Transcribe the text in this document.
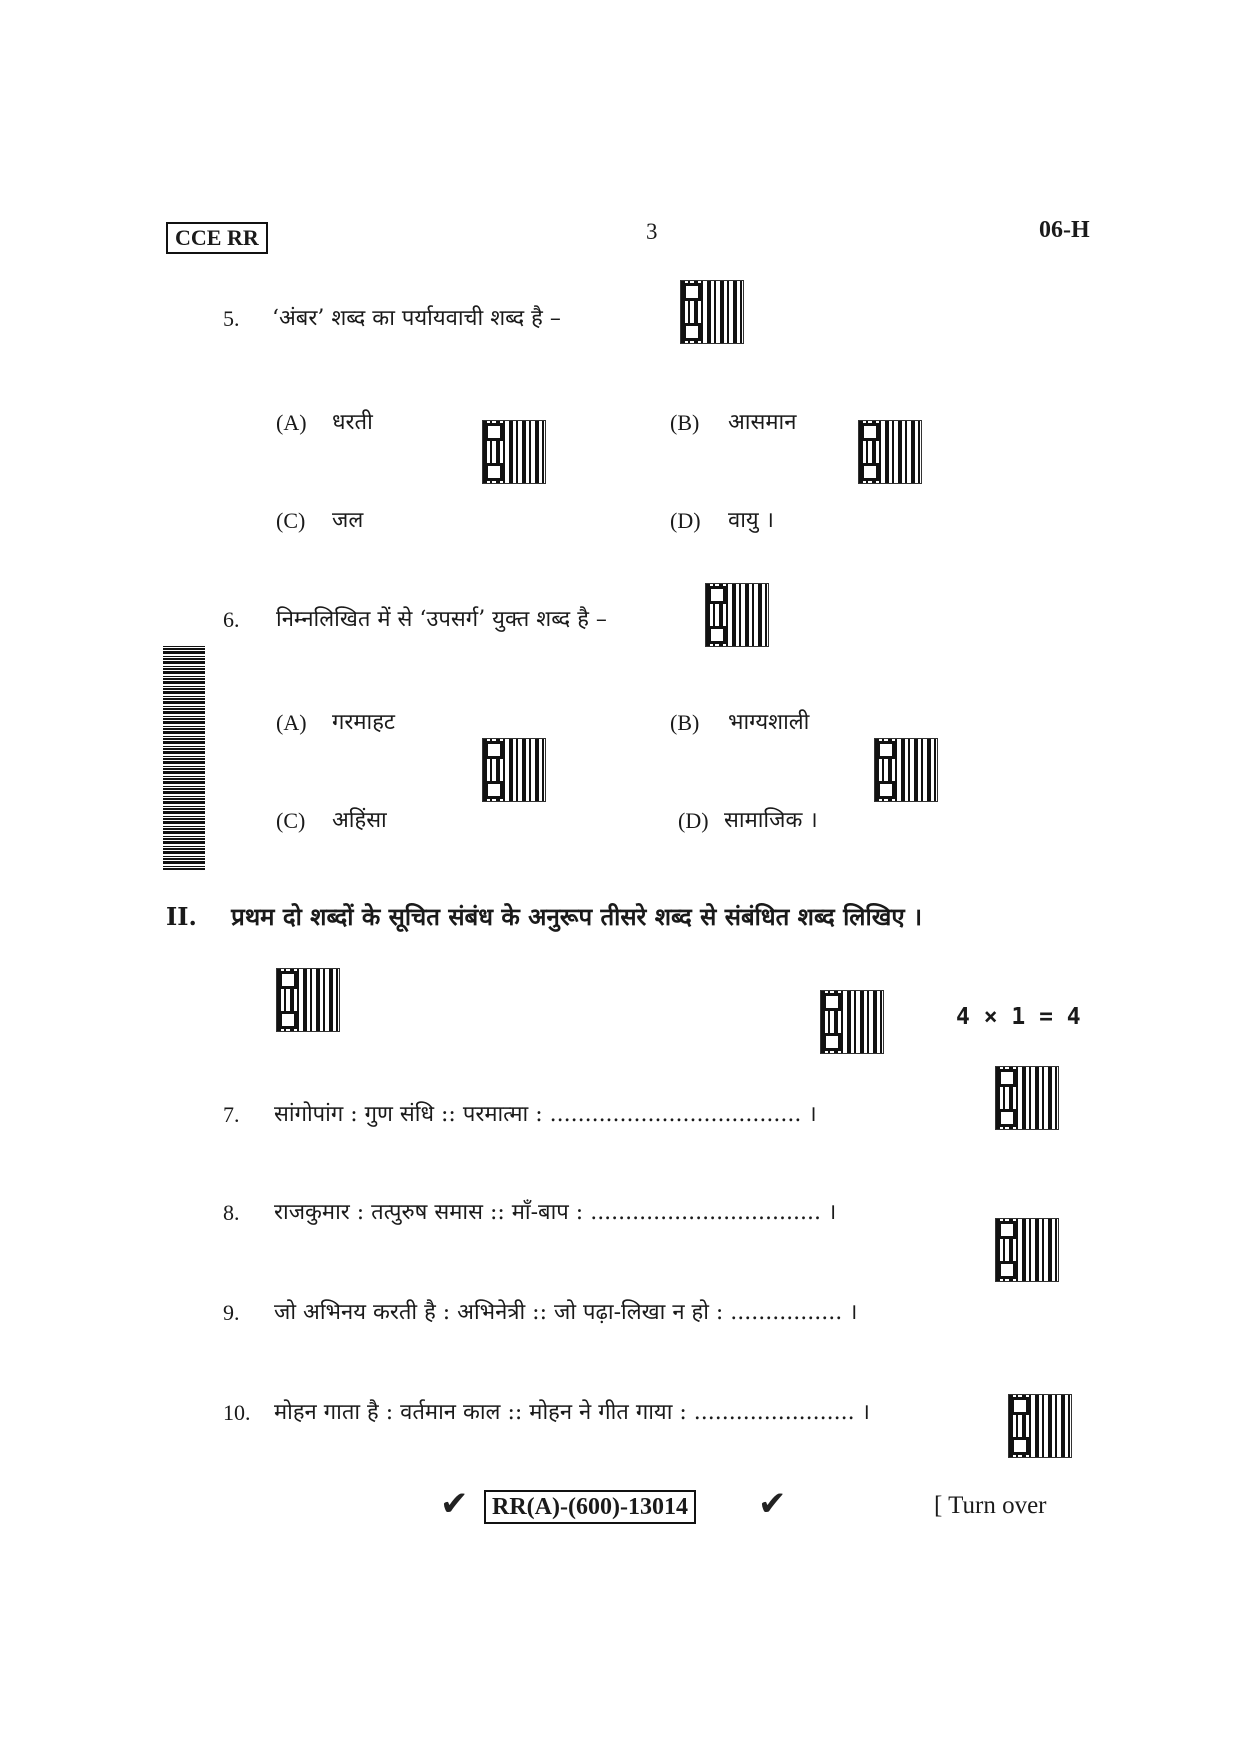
CCE RR	3	06-H
5. ‘अंबर’ शब्द का पर्यायवाची शब्द है –
(A) धरती	(B) आसमान
(C) जल	(D) वायु ।
6. निम्नलिखित में से ‘उपसर्ग’ युक्त शब्द है –
(A) गरमाहट	(B) भाग्यशाली
(C) अहिंसा	(D) सामाजिक ।
II. प्रथम दो शब्दों के सूचित संबंध के अनुरूप तीसरे शब्द से संबंधित शब्द लिखिए ।
4 × 1 = 4
7. सांगोपांग : गुण संधि :: परमात्मा : .................................... ।
8. राजकुमार : तत्पुरुष समास :: माँ-बाप : ................................. ।
9. जो अभिनय करती है : अभिनेत्री :: जो पढ़ा-लिखा न हो : ................ ।
10. मोहन गाता है : वर्तमान काल :: मोहन ने गीत गाया : ....................... ।
✔ RR(A)-(600)-13014 ✔	[ Turn over
